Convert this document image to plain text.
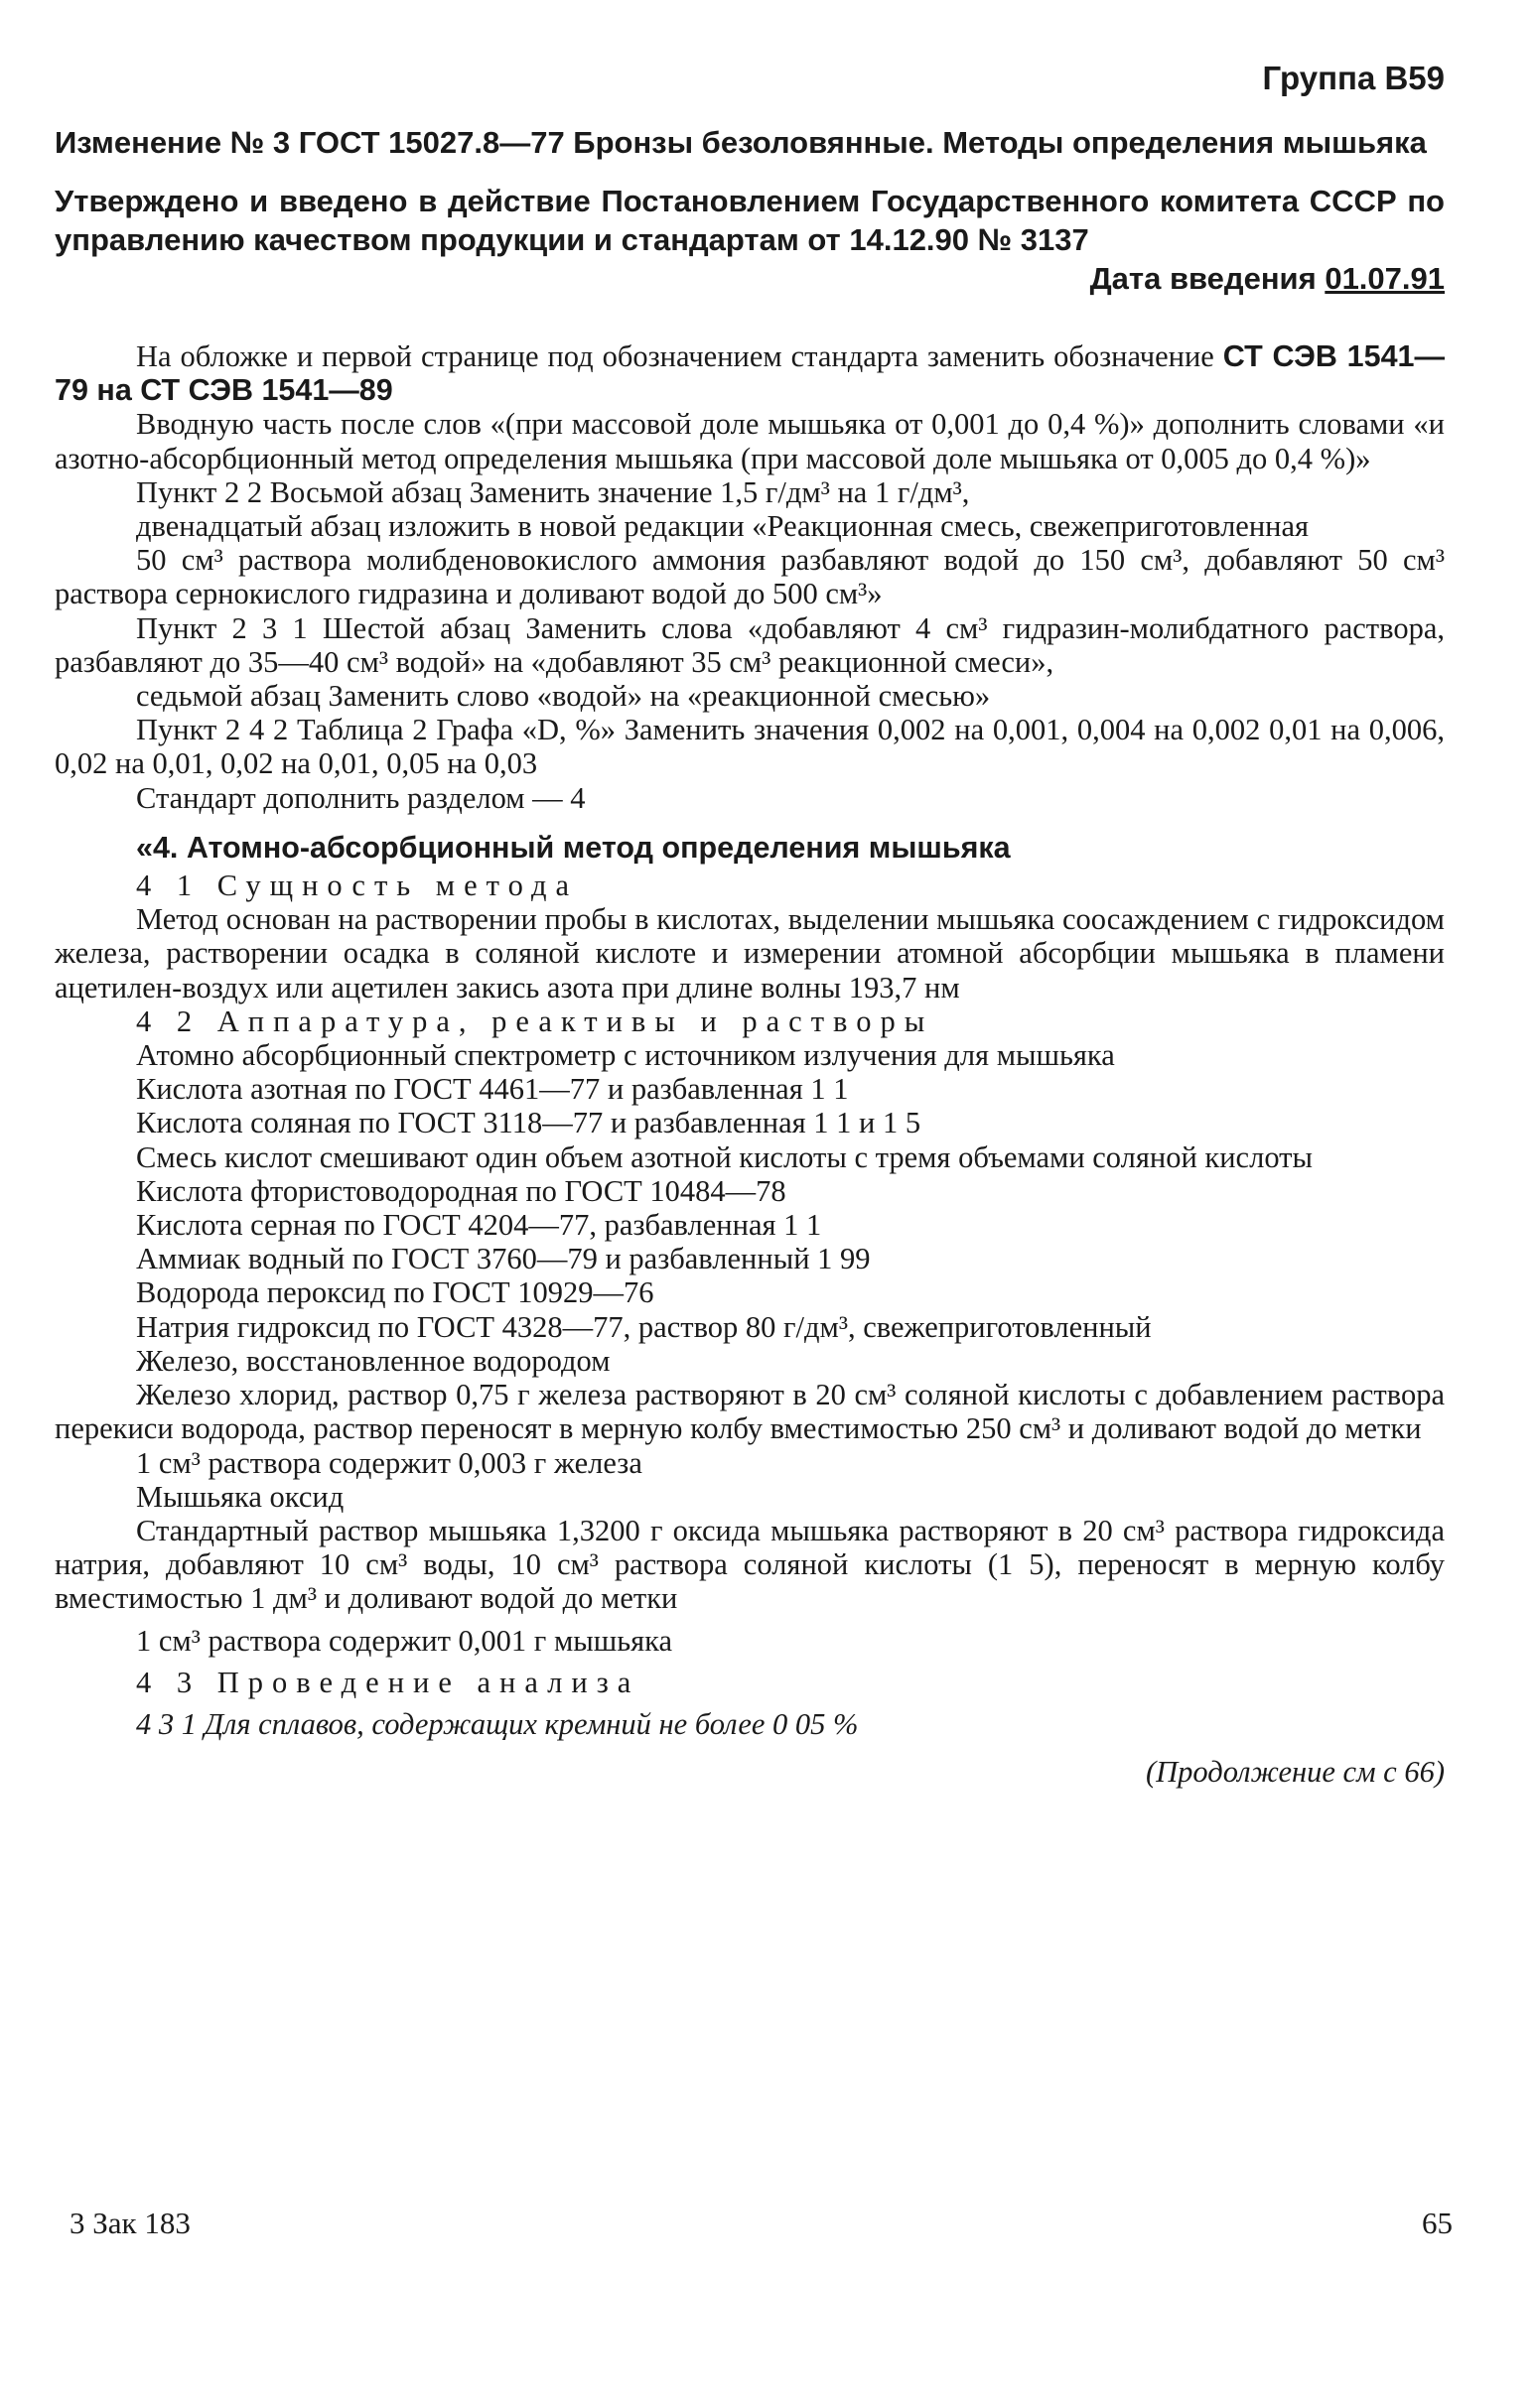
Группа В59
Изменение № 3 ГОСТ 15027.8—77 Бронзы безоловянные. Методы определения мышьяка
Утверждено и введено в действие Постановлением Государственного комитета СССР по управлению качеством продукции и стандартам от 14.12.90 № 3137
Дата введения 01.07.91

На обложке и первой странице под обозначением стандарта заменить обозначение СТ СЭВ 1541—79 на СТ СЭВ 1541—89

Вводную часть после слов «(при массовой доле мышьяка от 0,001 до 0,4 %)» дополнить словами «и азотно-абсорбционный метод определения мышьяка (при массовой доле мышьяка от 0,005 до 0,4 %)»

Пункт 2 2 Восьмой абзац Заменить значение 1,5 г/дм³ на 1 г/дм³,

двенадцатый абзац изложить в новой редакции «Реакционная смесь, свежеприготовленная

50 см³ раствора молибденовокислого аммония разбавляют водой до 150 см³, добавляют 50 см³ раствора сернокислого гидразина и доливают водой до 500 см³»

Пункт 2 3 1 Шестой абзац Заменить слова «добавляют 4 см³ гидразин-молибдатного раствора, разбавляют до 35—40 см³ водой» на «добавляют 35 см³ реакционной смеси»,

седьмой абзац Заменить слово «водой» на «реакционной смесью»

Пункт 2 4 2 Таблица 2 Графа «D, %» Заменить значения 0,002 на 0,001, 0,004 на 0,002 0,01 на 0,006, 0,02 на 0,01, 0,02 на 0,01, 0,05 на 0,03

Стандарт дополнить разделом — 4

«4. Атомно-абсорбционный метод определения мышьяка

4 1 Сущность метода

Метод основан на растворении пробы в кислотах, выделении мышьяка соосаждением с гидроксидом железа, растворении осадка в соляной кислоте и измерении атомной абсорбции мышьяка в пламени ацетилен-воздух или ацетилен закись азота при длине волны 193,7 нм

4 2 Аппаратура, реактивы и растворы

Атомно абсорбционный спектрометр с источником излучения для мышьяка

Кислота азотная по ГОСТ 4461—77 и разбавленная 1 1

Кислота соляная по ГОСТ 3118—77 и разбавленная 1 1 и 1 5

Смесь кислот смешивают один объем азотной кислоты с тремя объемами соляной кислоты

Кислота фтористоводородная по ГОСТ 10484—78

Кислота серная по ГОСТ 4204—77, разбавленная 1 1

Аммиак водный по ГОСТ 3760—79 и разбавленный 1 99

Водорода пероксид по ГОСТ 10929—76

Натрия гидроксид по ГОСТ 4328—77, раствор 80 г/дм³, свежеприготовленный

Железо, восстановленное водородом

Железо хлорид, раствор 0,75 г железа растворяют в 20 см³ соляной кислоты с добавлением раствора перекиси водорода, раствор переносят в мерную колбу вместимостью 250 см³ и доливают водой до метки

1 см³ раствора содержит 0,003 г железа

Мышьяка оксид

Стандартный раствор мышьяка 1,3200 г оксида мышьяка растворяют в 20 см³ раствора гидроксида натрия, добавляют 10 см³ воды, 10 см³ раствора соляной кислоты (1 5), переносят в мерную колбу вместимостью 1 дм³ и доливают водой до метки

1 см³ раствора содержит 0,001 г мышьяка

4 3 Проведение анализа

4 3 1 Для сплавов, содержащих кремний не более 0 05 %

(Продолжение см с 66)

3 Зак 183	65
